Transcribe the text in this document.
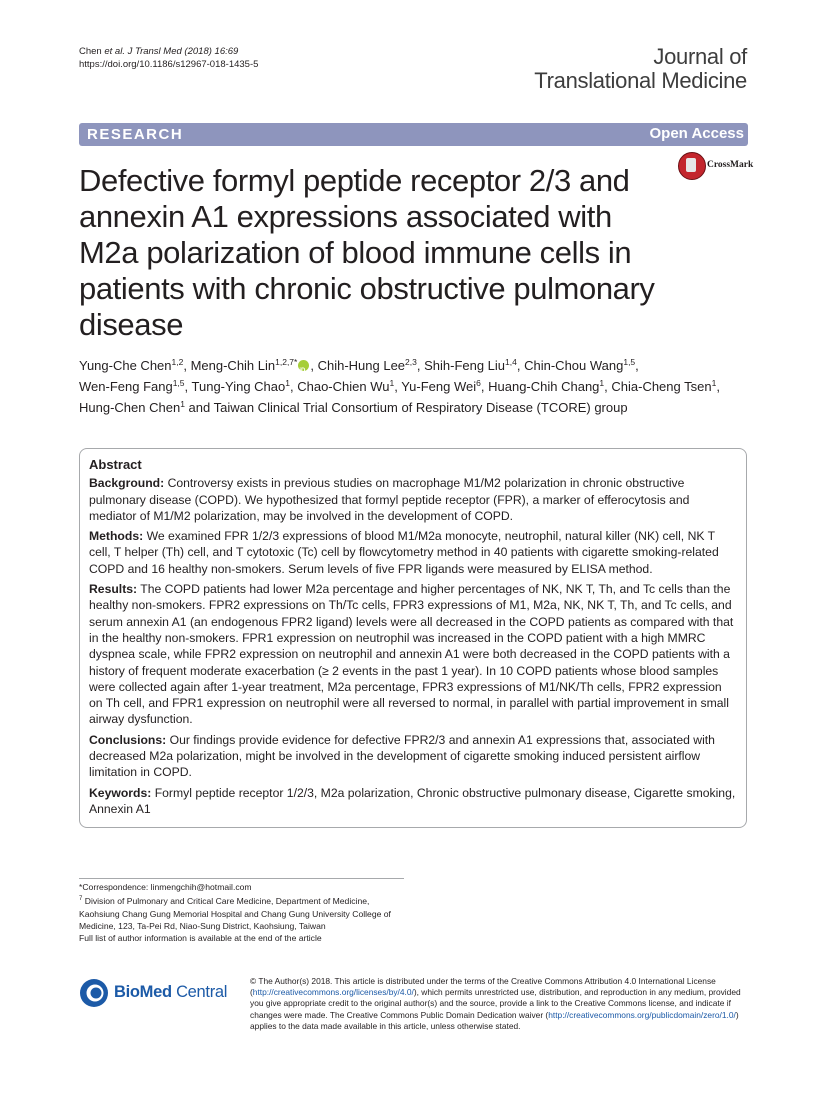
Chen et al. J Transl Med (2018) 16:69
https://doi.org/10.1186/s12967-018-1435-5	Journal of
Translational Medicine
RESEARCH	Open Access
CrossMark
Defective formyl peptide receptor 2/3 and annexin A1 expressions associated with M2a polarization of blood immune cells in patients with chronic obstructive pulmonary disease
Yung-Che Chen$^{1,2}$, Meng-Chih Lin$^{1,2,7*}$iD , Chih-Hung Lee$^{2,3}$, Shih-Feng Liu$^{1,4}$, Chin-Chou Wang$^{1,5}$,
Wen-Feng Fang$^{1,5}$, Tung-Ying Chao$^1$, Chao-Chien Wu$^1$, Yu-Feng Wei$^6$, Huang-Chih Chang$^1$, Chia-Cheng Tsen$^1$,
Hung-Chen Chen$^1$ and Taiwan Clinical Trial Consortium of Respiratory Disease (TCORE) group
Abstract

Background: Controversy exists in previous studies on macrophage M1/M2 polarization in chronic obstructive pulmonary disease (COPD). We hypothesized that formyl peptide receptor (FPR), a marker of efferocytosis and mediator of M1/M2 polarization, may be involved in the development of COPD.

Methods: We examined FPR 1/2/3 expressions of blood M1/M2a monocyte, neutrophil, natural killer (NK) cell, NK T cell, T helper (Th) cell, and T cytotoxic (Tc) cell by flowcytometry method in 40 patients with cigarette smoking-related COPD and 16 healthy non-smokers. Serum levels of five FPR ligands were measured by ELISA method.

Results: The COPD patients had lower M2a percentage and higher percentages of NK, NK T, Th, and Tc cells than the healthy non-smokers. FPR2 expressions on Th/Tc cells, FPR3 expressions of M1, M2a, NK, NK T, Th, and Tc cells, and serum annexin A1 (an endogenous FPR2 ligand) levels were all decreased in the COPD patients as compared with that in the healthy non-smokers. FPR1 expression on neutrophil was increased in the COPD patient with a high MMRC dyspnea scale, while FPR2 expression on neutrophil and annexin A1 were both decreased in the COPD patients with a history of frequent moderate exacerbation (≥ 2 events in the past 1 year). In 10 COPD patients whose blood samples were collected again after 1-year treatment, M2a percentage, FPR3 expressions of M1/NK/Th cells, FPR2 expression on Th cell, and FPR1 expression on neutrophil were all reversed to normal, in parallel with partial improvement in small airway dysfunction.

Conclusions: Our findings provide evidence for defective FPR2/3 and annexin A1 expressions that, associated with decreased M2a polarization, might be involved in the development of cigarette smoking induced persistent airflow limitation in COPD.

Keywords: Formyl peptide receptor 1/2/3, M2a polarization, Chronic obstructive pulmonary disease, Cigarette smoking, Annexin A1

*Correspondence: linmengchih@hotmail.com

$^7$ Division of Pulmonary and Critical Care Medicine, Department of Medicine, Kaohsiung Chang Gung Memorial Hospital and Chang Gung University College of Medicine, 123, Ta-Pei Rd, Niao-Sung District, Kaohsiung, Taiwan

Full list of author information is available at the end of the article

BioMed Central
© The Author(s) 2018. This article is distributed under the terms of the Creative Commons Attribution 4.0 International License (http://creativecommons.org/licenses/by/4.0/), which permits unrestricted use, distribution, and reproduction in any medium, provided you give appropriate credit to the original author(s) and the source, provide a link to the Creative Commons license, and indicate if changes were made. The Creative Commons Public Domain Dedication waiver (http://creativecommons.org/publicdomain/zero/1.0/) applies to the data made available in this article, unless otherwise stated.
